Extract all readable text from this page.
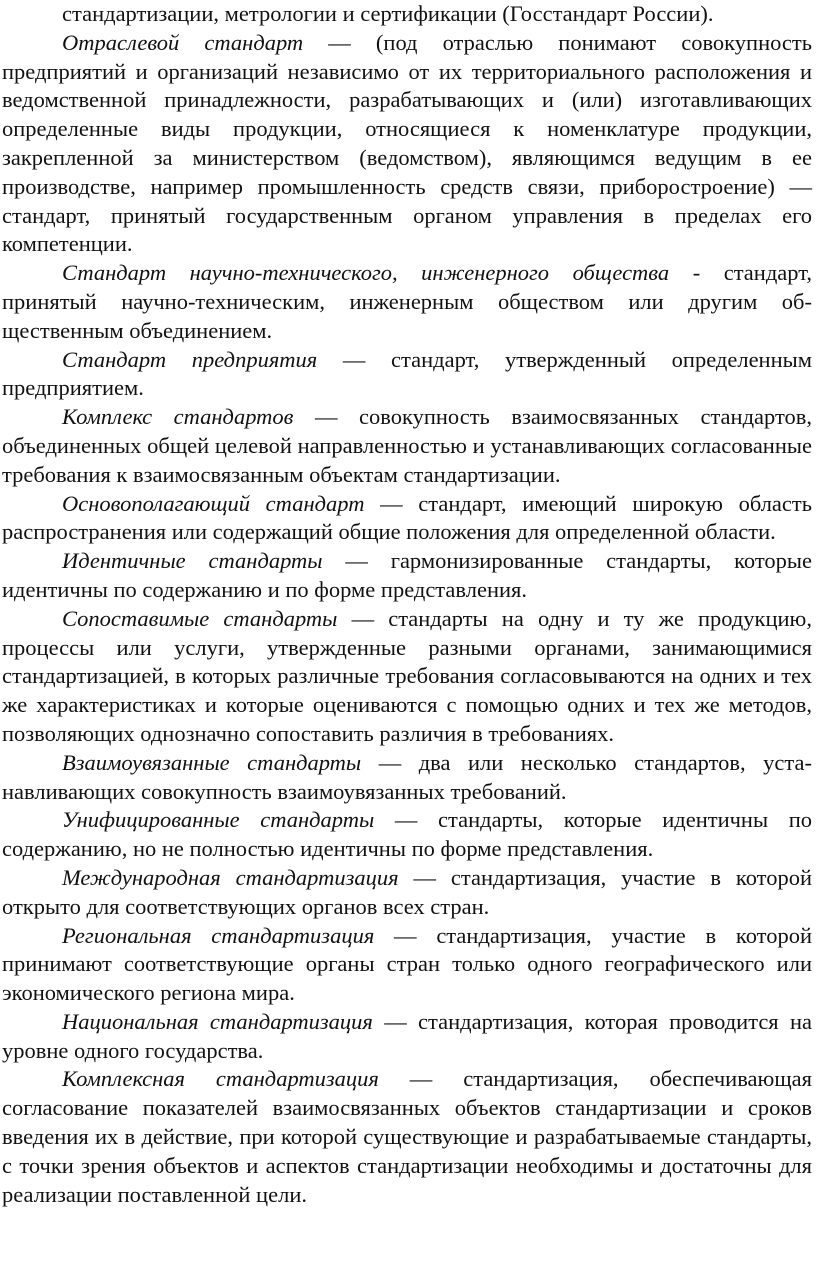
стандартизации, метрологии и сертификации (Госстандарт России).

Отраслевой стандарт — (под отраслью понимают совокупность предприятий и организаций независимо от их территориального расположения и ведомственной принадлежности, разрабатывающих и (или) изготавливающих определенные виды продукции, относящиеся к номенклатуре продукции, закрепленной за министерством (ведомством), являющимся ведущим в ее производстве, например промышленность средств связи, приборостроение) — стандарт, принятый государственным органом управления в пределах его компетенции.

Стандарт научно-технического, инженерного общества - стандарт, принятый научно-техническим, инженерным обществом или другим общественным объединением.

Стандарт предприятия — стандарт, утвержденный определенным предприятием.

Комплекс стандартов — совокупность взаимосвязанных стандартов, объединенных общей целевой направленностью и устанавливающих согласованные требования к взаимосвязанным объектам стандартизации.

Основополагающий стандарт — стандарт, имеющий широкую область распространения или содержащий общие положения для определенной области.

Идентичные стандарты — гармонизированные стандарты, которые идентичны по содержанию и по форме представления.

Сопоставимые стандарты — стандарты на одну и ту же продукцию, процессы или услуги, утвержденные разными органами, занимающимися стандартизацией, в которых различные требования согласовываются на одних и тех же характеристиках и которые оцениваются с помощью одних и тех же методов, позволяющих однозначно сопоставить различия в требованиях.

Взаимоувязанные стандарты — два или несколько стандартов, устанавливающих совокупность взаимоувязанных требований.

Унифицированные стандарты — стандарты, которые идентичны по содержанию, но не полностью идентичны по форме представления.

Международная стандартизация — стандартизация, участие в которой открыто для соответствующих органов всех стран.

Региональная стандартизация — стандартизация, участие в которой принимают соответствующие органы стран только одного географического или экономического региона мира.

Национальная стандартизация — стандартизация, которая проводится на уровне одного государства.

Комплексная стандартизация — стандартизация, обеспечивающая согласование показателей взаимосвязанных объектов стандартизации и сроков введения их в действие, при которой существующие и разрабатываемые стандарты, с точки зрения объектов и аспектов стандартизации необходимы и достаточны для реализации поставленной цели.
